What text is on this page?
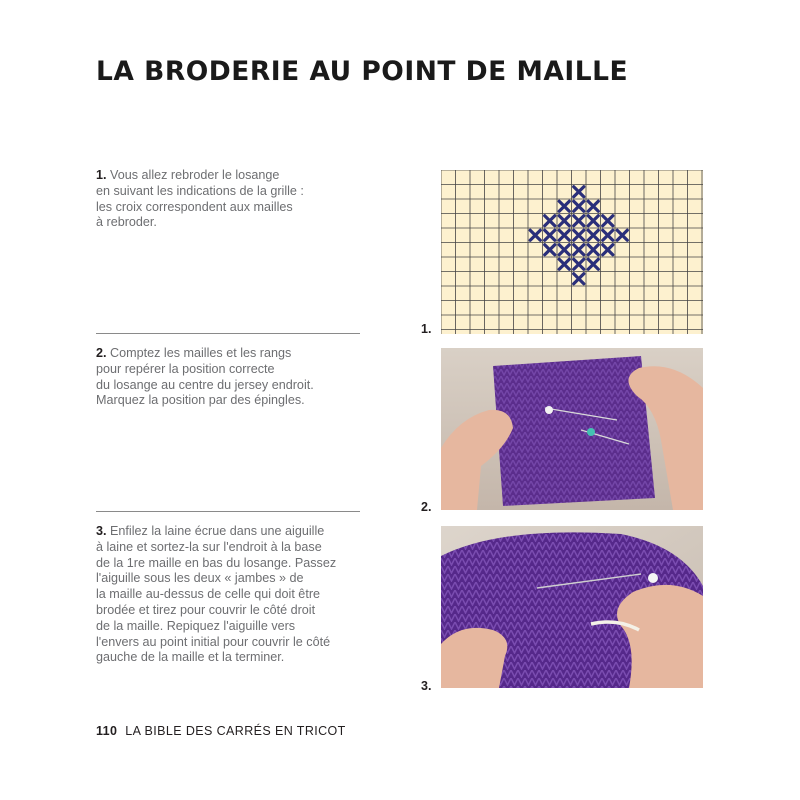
LA BRODERIE AU POINT DE MAILLE

1. Vous allez rebroder le losange
en suivant les indications de la grille :
les croix correspondent aux mailles
à rebroder.

2. Comptez les mailles et les rangs
pour repérer la position correcte
du losange au centre du jersey endroit.
Marquez la position par des épingles.

3. Enfilez la laine écrue dans une aiguille
à laine et sortez-la sur l'endroit à la base
de la 1re maille en bas du losange. Passez
l'aiguille sous les deux « jambes » de
la maille au-dessus de celle qui doit être
brodée et tirez pour couvrir le côté droit
de la maille. Repiquez l'aiguille vers
l'envers au point initial pour couvrir le côté
gauche de la maille et la terminer.

1.
2.
3.
110 LA BIBLE DES CARRÉS EN TRICOT
